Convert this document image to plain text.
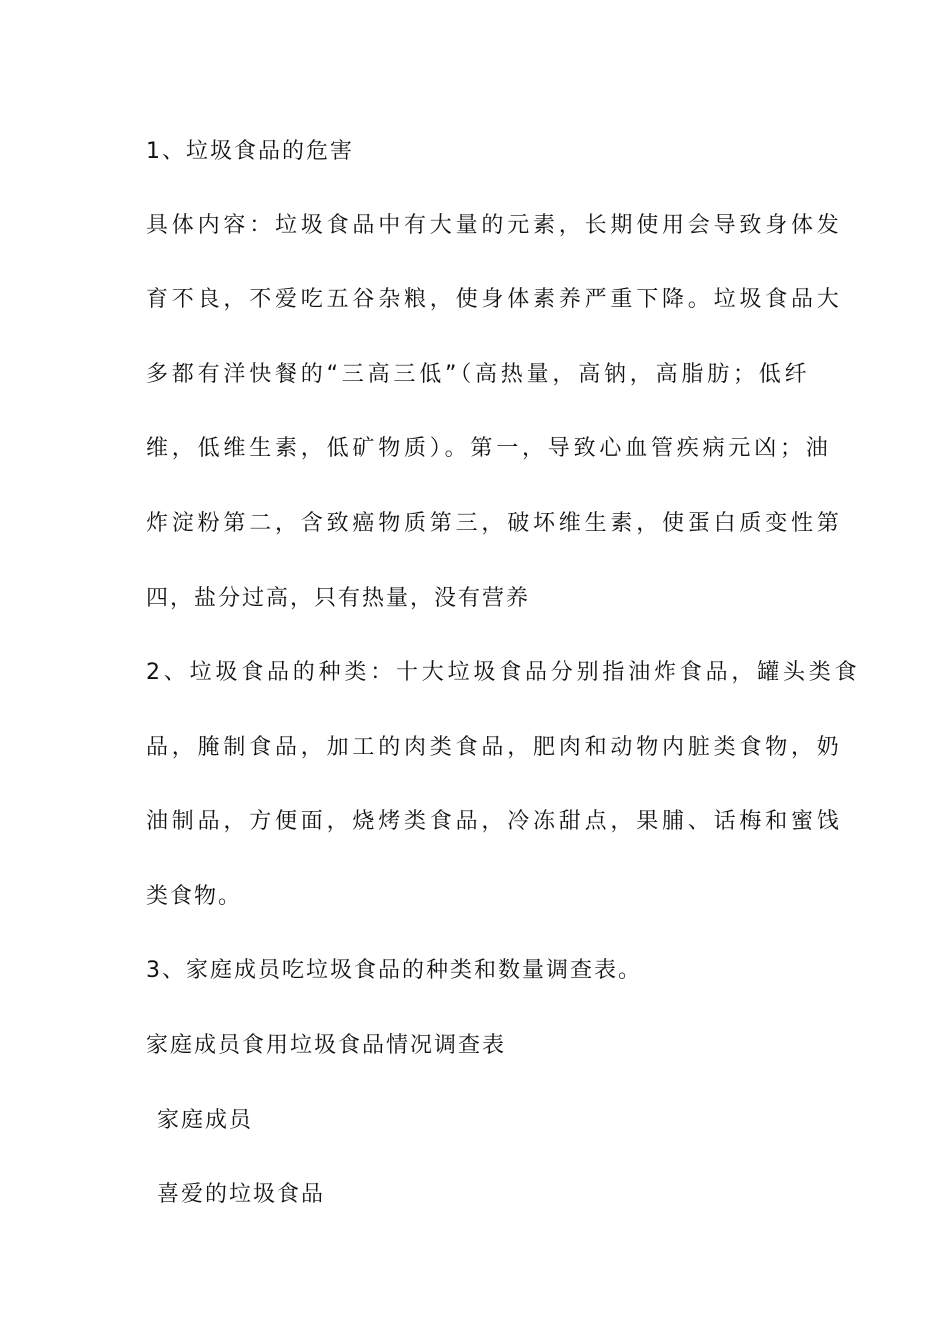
1、垃圾食品的危害
具体内容：垃圾食品中有大量的元素，长期使用会导致身体发
育不良，不爱吃五谷杂粮，使身体素养严重下降。垃圾食品大
多都有洋快餐的“三高三低”（高热量，高钠，高脂肪；低纤
维，低维生素，低矿物质）。第一，导致心血管疾病元凶；油
炸淀粉第二，含致癌物质第三，破坏维生素，使蛋白质变性第
四，盐分过高，只有热量，没有营养
2、垃圾食品的种类：十大垃圾食品分别指油炸食品，罐头类食
品，腌制食品，加工的肉类食品，肥肉和动物内脏类食物，奶
油制品，方便面，烧烤类食品，冷冻甜点，果脯、话梅和蜜饯
类食物。
3、家庭成员吃垃圾食品的种类和数量调查表。
家庭成员食用垃圾食品情况调查表
家庭成员
喜爱的垃圾食品
